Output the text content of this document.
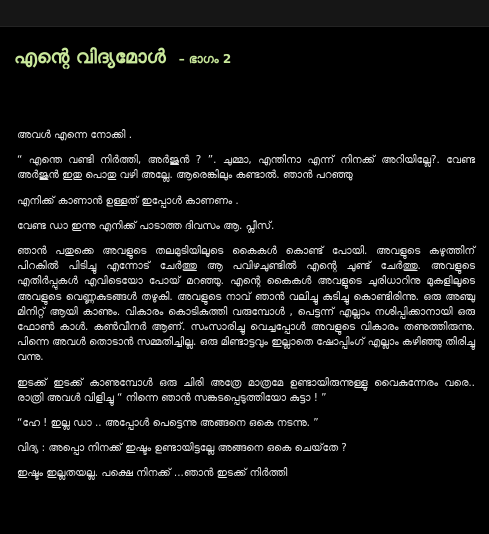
എന്റെ വിദ്യമോൾ – ഭാഗം 2

അവൾ എന്നെ നോക്കി .

“ എന്തെ വണ്ടി നിർത്തി, അർജുൻ ? ”. ചുമ്മാ, എന്തിനാ എന്ന് നിനക്ക് അറിയില്ലേ?. വേണ്ട അർജുൻ ഇതു പൊതു വഴി അല്ലേ. ആരെങ്കിലും കണ്ടാൽ. ഞാൻ പറഞ്ഞു

എനിക്ക് കാണാൻ ഉള്ളത് ഇപ്പോൾ കാണണം .

വേണ്ട ഡാ ഇന്നു എനിക്ക് പാടാത്ത ദിവസം ആ. പ്ലീസ്.

ഞാൻ പതുക്കെ അവളുടെ തലമുടിയിലൂടെ കൈകൾ കൊണ്ട് പോയി. അവളുടെ കഴുത്തിന് പിറകിൽ പിടിച്ചു എന്നോട് ചേർത്തു ആ പവിഴചുണ്ടിൽ എന്റെ ചുണ്ട് ചേർത്തു. അവളുടെ എതിർപ്പുകൾ എവിടെയോ പോയ് മറഞ്ഞു. എന്റെ കൈകൾ അവളുടെ ചുരിധാറിനു മുകളിലൂടെ അവളുടെ വെണ്ണകുടങ്ങൾ തഴുകി. അവളുടെ നാവ് ഞാൻ വലിച്ചു കുടിച്ചു കൊണ്ടിരിന്നു. ഒരു അഞ്ചു മിനിറ്റ് ആയി കാണും. വികാരം കൊടികുത്തി വരുമ്പോൾ , പെട്ടന്ന് എല്ലാം നശിപ്പിക്കാനായി ഒരു ഫോൺ കാൾ. കൺവീനർ ആണ്. സംസാരിച്ചു വെച്ചപ്പോൾ അവളുടെ വികാരം തണുത്തിരുന്നു. പിന്നെ അവൾ തൊടാൻ സമ്മതിച്ചില്ല. ഒരു മിണ്ടാട്ടവും ഇല്ലാതെ ഷോപ്പിംഗ് എല്ലാം കഴിഞ്ഞു തിരിച്ചു വന്നു.

ഇടക്ക് ഇടക്ക് കാണുമ്പോൾ ഒരു ചിരി അത്രേ മാത്രമേ ഉണ്ടായിരുന്നുള്ളൂ വൈകുന്നേരം വരെ.. രാത്രി അവൾ വിളിച്ചു “ നിന്നെ ഞാൻ സങ്കടപ്പെടുത്തിയോ കുട്ടാ ! ”

“ഹേ ! ഇല്ല ഡാ .. അപ്പോൾ പെട്ടെന്നു അങ്ങനെ ഒകെ നടന്നു. ”

വിദ്യ : അപ്പൊ നിനക്ക് ഇഷ്ടം ഉണ്ടായിട്ടല്ലേ അങ്ങനെ ഒകെ ചെയ്‌തേ ?

ഇഷ്ടം ഇല്ലതയല്ല. പക്ഷെ നിനക്ക് ...ഞാൻ ഇടക്ക് നിർത്തി
